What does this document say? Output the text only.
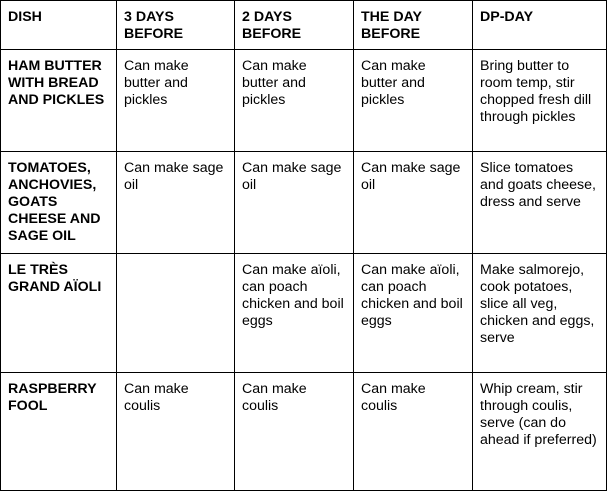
DISH	3 DAYS BEFORE	2 DAYS BEFORE	THE DAY BEFORE	DP-DAY
HAM BUTTER WITH BREAD AND PICKLES	Can make butter and pickles	Can make butter and pickles	Can make butter and pickles	Bring butter to room temp, stir chopped fresh dill through pickles
TOMATOES, ANCHOVIES, GOATS CHEESE AND SAGE OIL	Can make sage oil	Can make sage oil	Can make sage oil	Slice tomatoes and goats cheese, dress and serve
LE TRÈS GRAND AÏOLI		Can make aïoli, can poach chicken and boil eggs	Can make aïoli, can poach chicken and boil eggs	Make salmorejo, cook potatoes, slice all veg, chicken and eggs, serve
RASPBERRY FOOL	Can make coulis	Can make coulis	Can make coulis	Whip cream, stir through coulis, serve (can do ahead if preferred)
